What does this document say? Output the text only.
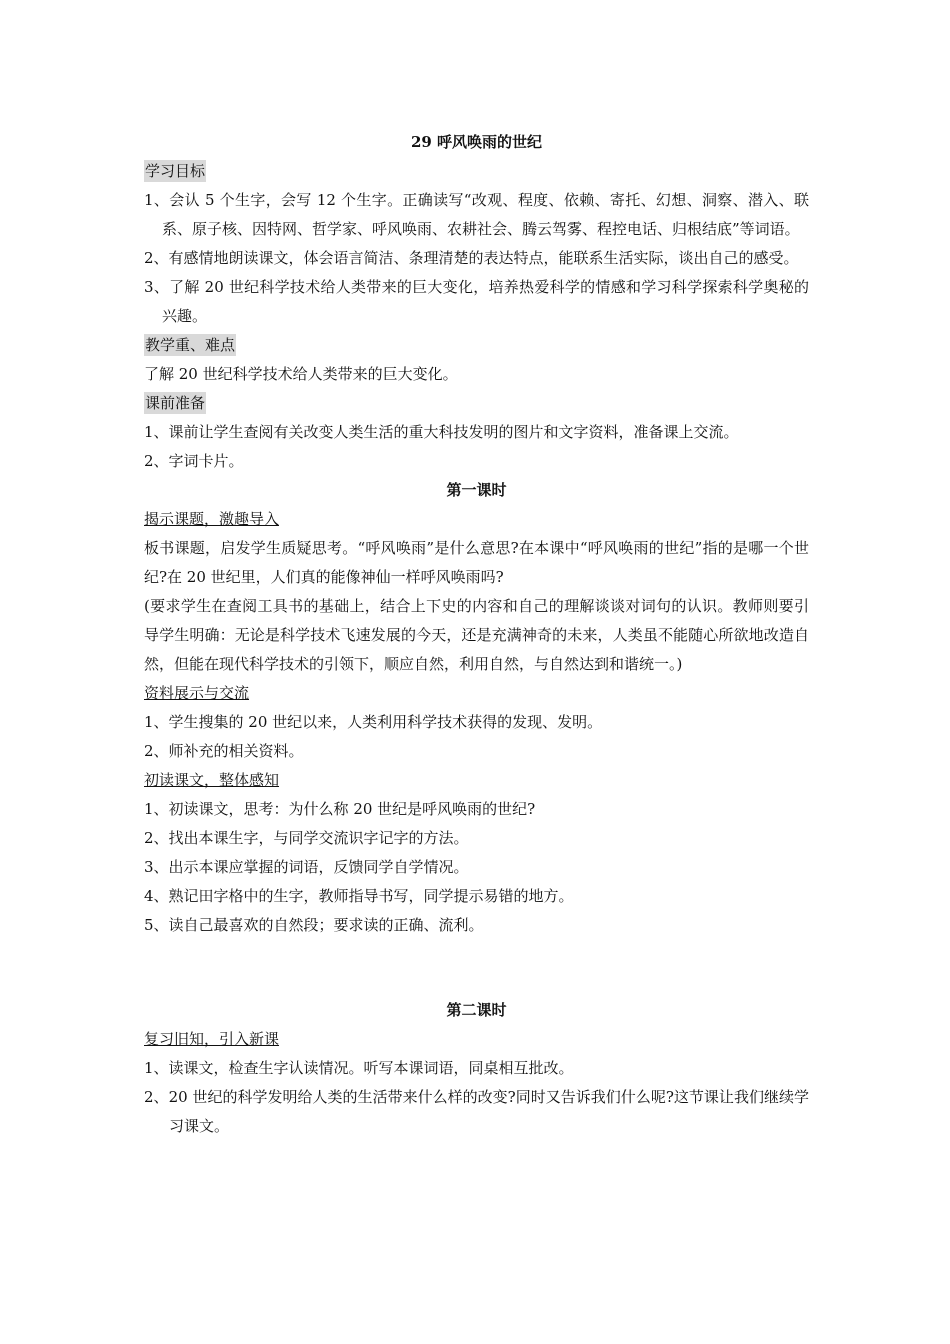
29 呼风唤雨的世纪
学习目标
1、会认 5 个生字，会写 12 个生字。正确读写“改观、程度、依赖、寄托、幻想、洞察、潜入、联系、原子核、因特网、哲学家、呼风唤雨、农耕社会、腾云驾雾、程控电话、归根结底”等词语。
2、有感情地朗读课文，体会语言简洁、条理清楚的表达特点，能联系生活实际，谈出自己的感受。
3、了解 20 世纪科学技术给人类带来的巨大变化，培养热爱科学的情感和学习科学探索科学奥秘的兴趣。
教学重、难点
了解 20 世纪科学技术给人类带来的巨大变化。
课前准备
1、课前让学生查阅有关改变人类生活的重大科技发明的图片和文字资料，准备课上交流。
2、字词卡片。
第一课时
揭示课题，激趣导入
板书课题，启发学生质疑思考。“呼风唤雨”是什么意思?在本课中“呼风唤雨的世纪”指的是哪一个世纪?在 20 世纪里，人们真的能像神仙一样呼风唤雨吗?
(要求学生在查阅工具书的基础上，结合上下史的内容和自己的理解谈谈对词句的认识。教师则要引导学生明确：无论是科学技术飞速发展的今天，还是充满神奇的未来，人类虽不能随心所欲地改造自然，但能在现代科学技术的引领下，顺应自然，利用自然，与自然达到和谐统一。)
资料展示与交流
1、学生搜集的 20 世纪以来，人类利用科学技术获得的发现、发明。
2、师补充的相关资料。
初读课文，整体感知
1、初读课文，思考：为什么称 20 世纪是呼风唤雨的世纪?
2、找出本课生字，与同学交流识字记字的方法。
3、出示本课应掌握的词语，反馈同学自学情况。
4、熟记田字格中的生字，教师指导书写，同学提示易错的地方。
5、读自己最喜欢的自然段；要求读的正确、流利。
第二课时
复习旧知，引入新课
1、读课文，检查生字认读情况。听写本课词语，同桌相互批改。
2、20 世纪的科学发明给人类的生活带来什么样的改变?同时又告诉我们什么呢?这节课让我们继续学习课文。
